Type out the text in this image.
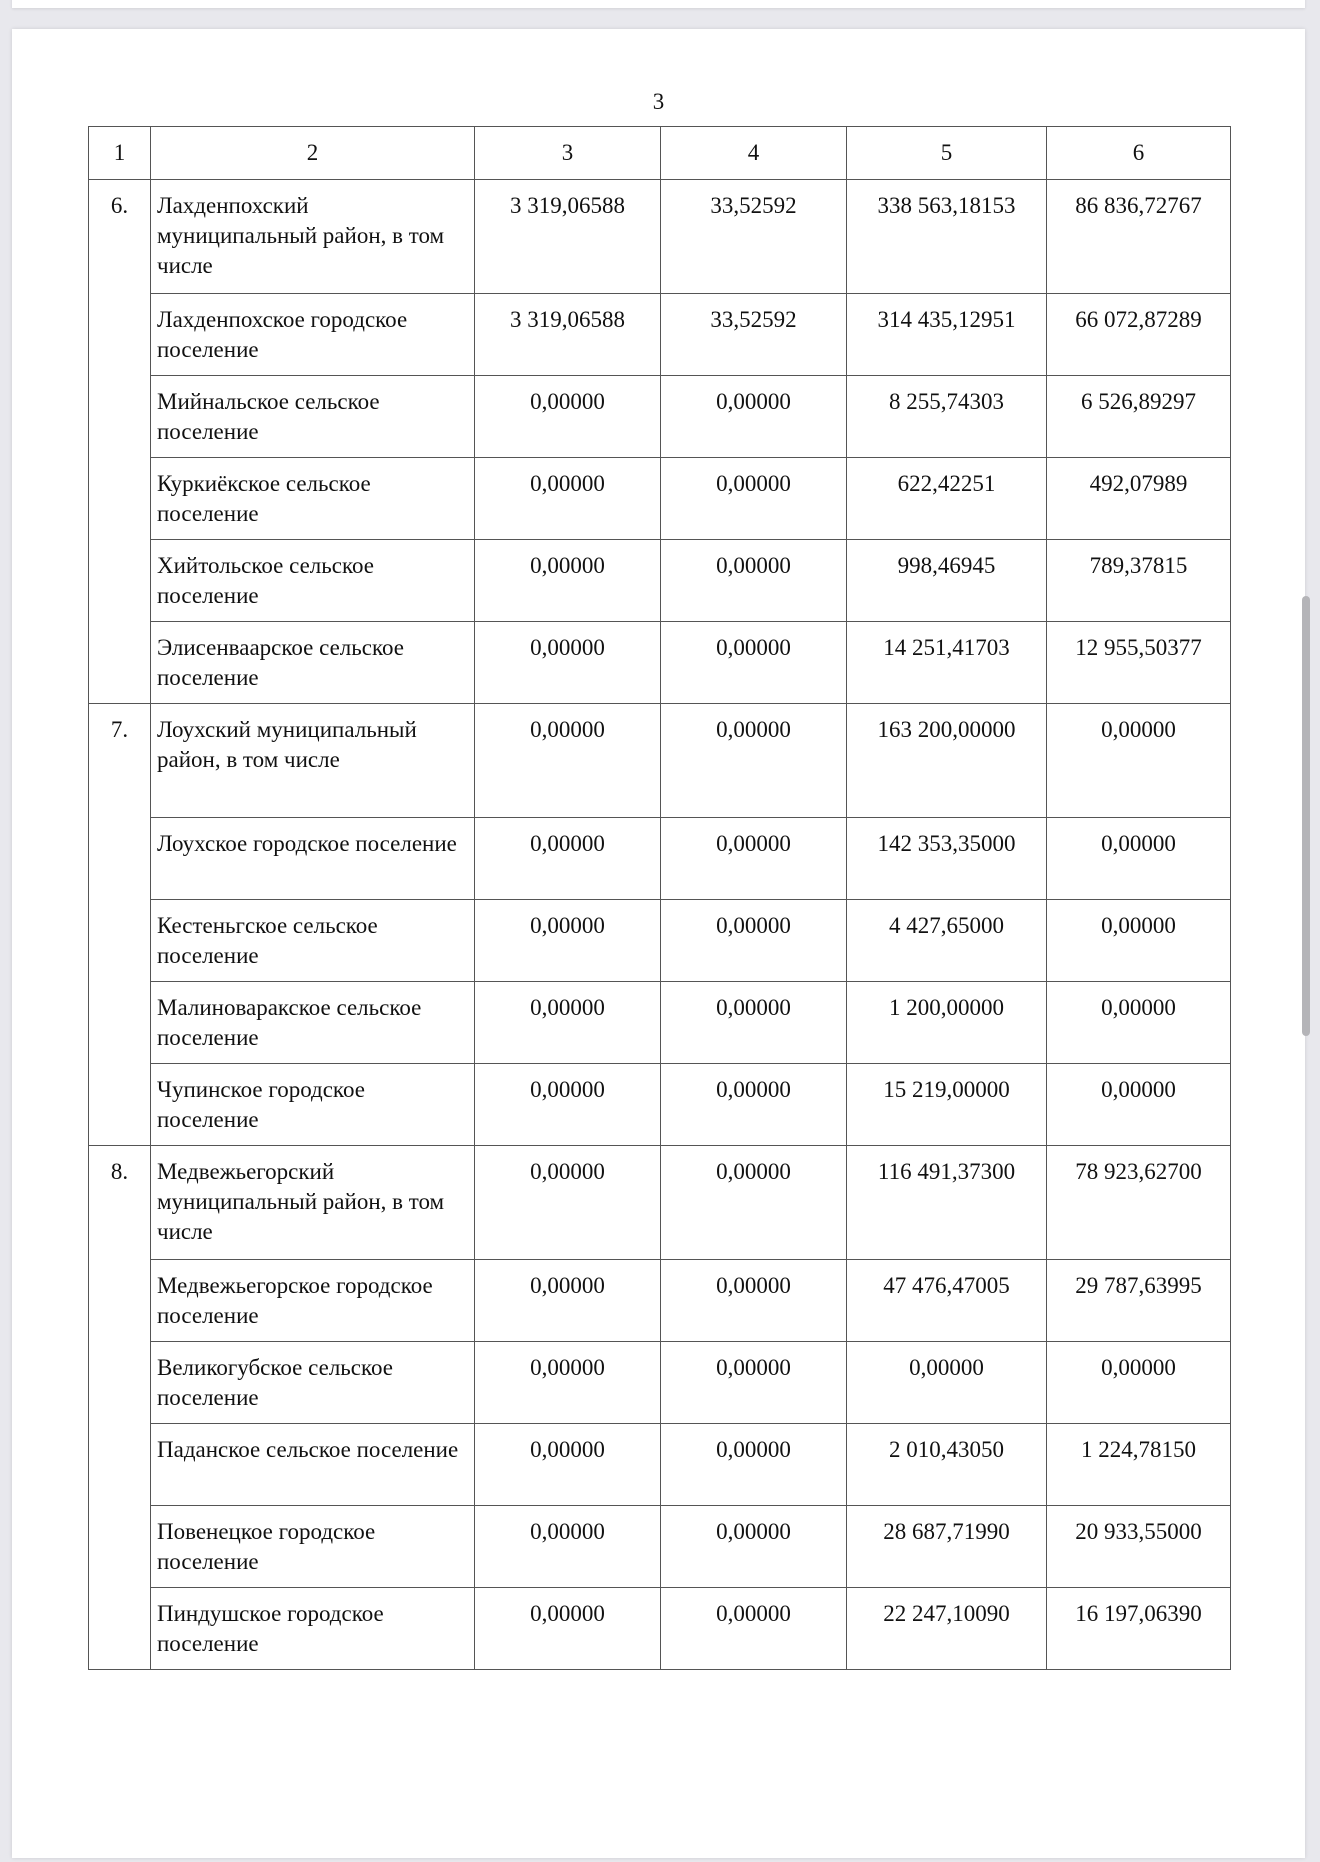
3
1	2	3	4	5	6
6.	Лахденпохский муниципальный район, в том числе	3 319,06588	33,52592	338 563,18153	86 836,72767
	Лахденпохское городское поселение	3 319,06588	33,52592	314 435,12951	66 072,87289
	Мийнальское сельское поселение	0,00000	0,00000	8 255,74303	6 526,89297
	Куркиёкское сельское поселение	0,00000	0,00000	622,42251	492,07989
	Хийтольское сельское поселение	0,00000	0,00000	998,46945	789,37815
	Элисенваарское сельское поселение	0,00000	0,00000	14 251,41703	12 955,50377
7.	Лоухский муниципальный район, в том числе	0,00000	0,00000	163 200,00000	0,00000
	Лоухское городское поселение	0,00000	0,00000	142 353,35000	0,00000
	Кестеньгское сельское поселение	0,00000	0,00000	4 427,65000	0,00000
	Малиноваракское сельское поселение	0,00000	0,00000	1 200,00000	0,00000
	Чупинское городское поселение	0,00000	0,00000	15 219,00000	0,00000
8.	Медвежьегорский муниципальный район, в том числе	0,00000	0,00000	116 491,37300	78 923,62700
	Медвежьегорское городское поселение	0,00000	0,00000	47 476,47005	29 787,63995
	Великогубское сельское поселение	0,00000	0,00000	0,00000	0,00000
	Паданское сельское поселение	0,00000	0,00000	2 010,43050	1 224,78150
	Повенецкое городское поселение	0,00000	0,00000	28 687,71990	20 933,55000
	Пиндушское городское поселение	0,00000	0,00000	22 247,10090	16 197,06390
